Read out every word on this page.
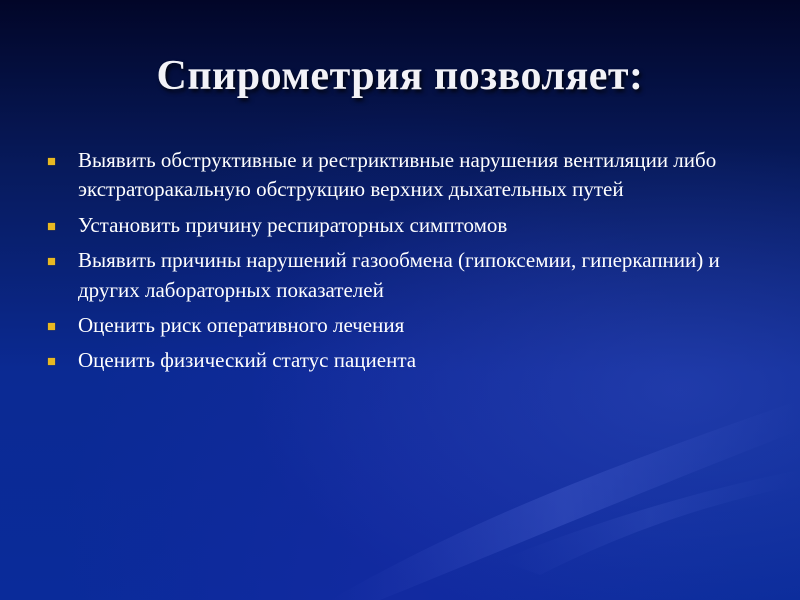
Спирометрия позволяет:
Выявить обструктивные и рестриктивные нарушения вентиляции либо экстраторакальную обструкцию верхних дыхательных путей
Установить причину респираторных симптомов
Выявить причины нарушений газообмена (гипоксемии, гиперкапнии) и других лабораторных показателей
Оценить риск оперативного лечения
Оценить физический статус пациента
